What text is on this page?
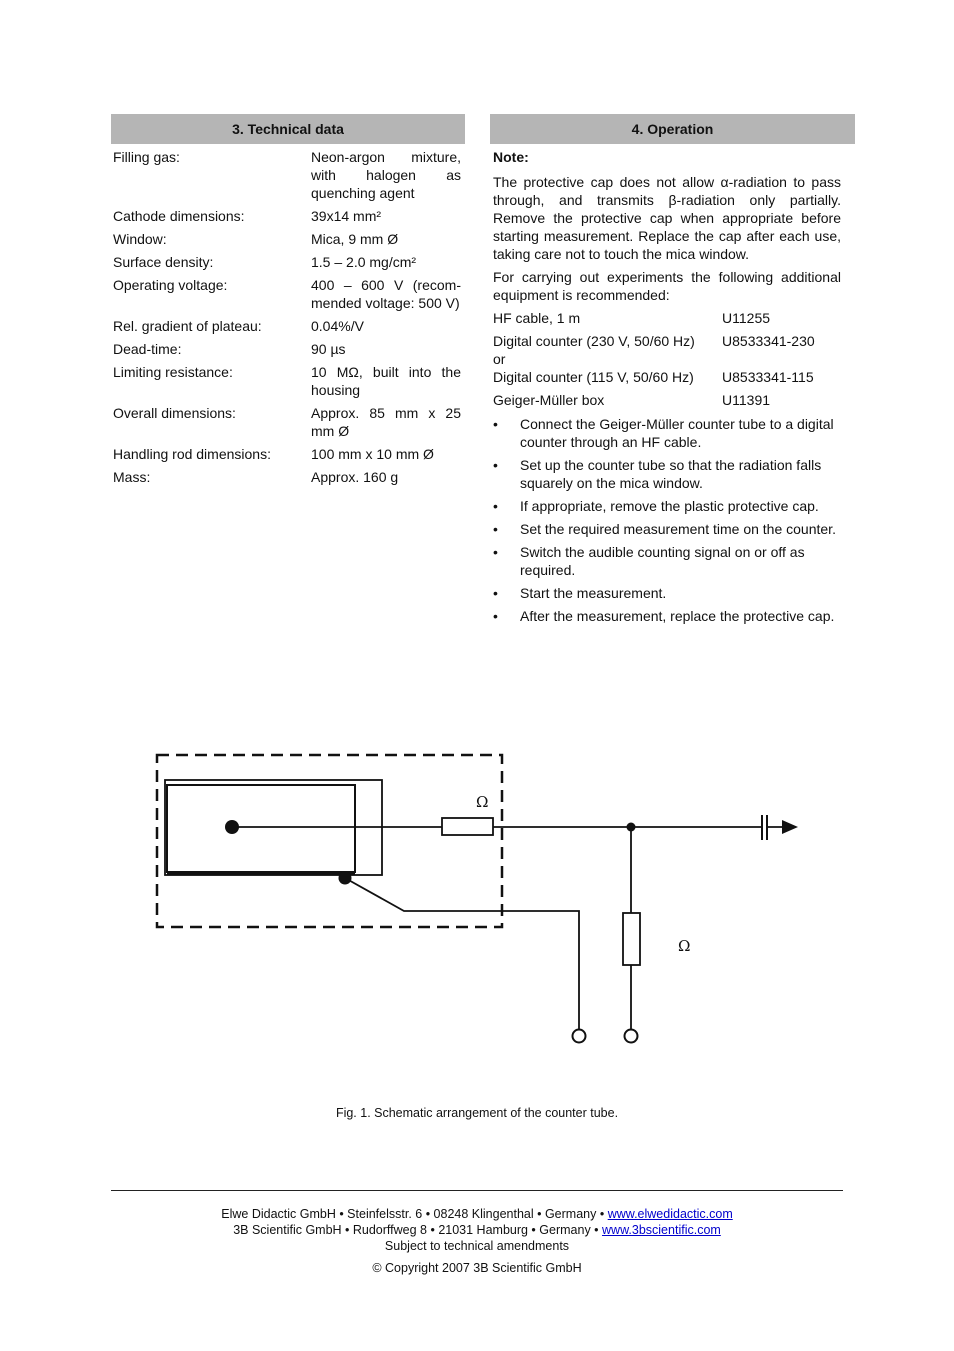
3. Technical data
Filling gas:	Neon-argon mixture, with halogen as quenching agent
Cathode dimensions:	39x14 mm²
Window:	Mica, 9 mm Ø
Surface density:	1.5 – 2.0 mg/cm²
Operating voltage:	400 – 600 V (recom-mended voltage: 500 V)
Rel. gradient of plateau:	0.04%/V
Dead-time:	90 µs
Limiting resistance:	10 MΩ, built into the housing
Overall dimensions:	Approx. 85 mm x 25 mm Ø
Handling rod dimensions:	100 mm x 10 mm Ø
Mass:	Approx. 160 g
4. Operation
Note:
The protective cap does not allow α-radiation to pass through, and transmits β-radiation only partially. Remove the protective cap when appropriate before starting measurement. Replace the cap after each use, taking care not to touch the mica window.
For carrying out experiments the following additional equipment is recommended:
HF cable, 1 m	U11255
Digital counter (230 V, 50/60 Hz)	U8533341-230
or
Digital counter (115 V, 50/60 Hz)	U8533341-115
Geiger-Müller box	U11391
• Connect the Geiger-Müller counter tube to a digital counter through an HF cable.
• Set up the counter tube so that the radiation falls squarely on the mica window.
• If appropriate, remove the plastic protective cap.
• Set the required measurement time on the counter.
• Switch the audible counting signal on or off as required.
• Start the measurement.
• After the measurement, replace the protective cap.
Ω
Ω
Fig. 1. Schematic arrangement of the counter tube.
Elwe Didactic GmbH • Steinfelsstr. 6 • 08248 Klingenthal • Germany • www.elwedidactic.com
3B Scientific GmbH • Rudorffweg 8 • 21031 Hamburg • Germany • www.3bscientific.com
Subject to technical amendments
© Copyright 2007 3B Scientific GmbH
